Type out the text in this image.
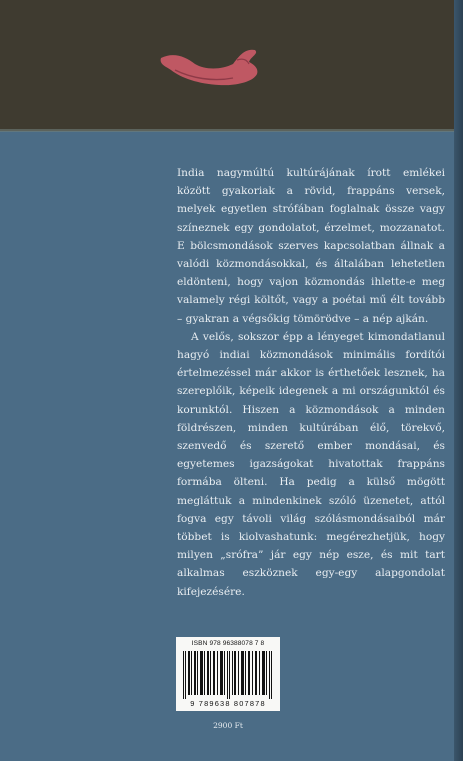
India nagymúltú kultúrájának írott emlékei között gyakoriak a rövid, frappáns versek, melyek egyetlen strófában foglalnak össze vagy színeznek egy gondolatot, érzelmet, mozzanatot. E bölcsmondások szerves kapcsolatban állnak a valódi közmondásokkal, és általában lehetetlen eldönteni, hogy vajon közmondás ihlette-e meg valamely régi költőt, vagy a poétai mű élt tovább – gyakran a végsőkig tömörödve – a nép ajkán.

A velős, sokszor épp a lényeget kimondatlanul hagyó indiai közmondások minimális fordítói értelmezéssel már akkor is érthetőek lesznek, ha szereplőik, képeik idegenek a mi országunktól és korunktól. Hiszen a közmondások a minden földrészen, minden kultúrában élő, törekvő, szenvedő és szerető ember mondásai, és egyetemes igazságokat hivatottak frappáns formába ölteni. Ha pedig a külső mögött megláttuk a mindenkinek szóló üzenetet, attól fogva egy távoli világ szólásmondásaiból már többet is kiolvashatunk: megérezhetjük, hogy milyen „srófra” jár egy nép esze, és mit tart alkalmas eszköznek egy-egy alapgondolat kifejezésére.

ISBN 978 96388078 7 8
9 789638 807878
2900 Ft
